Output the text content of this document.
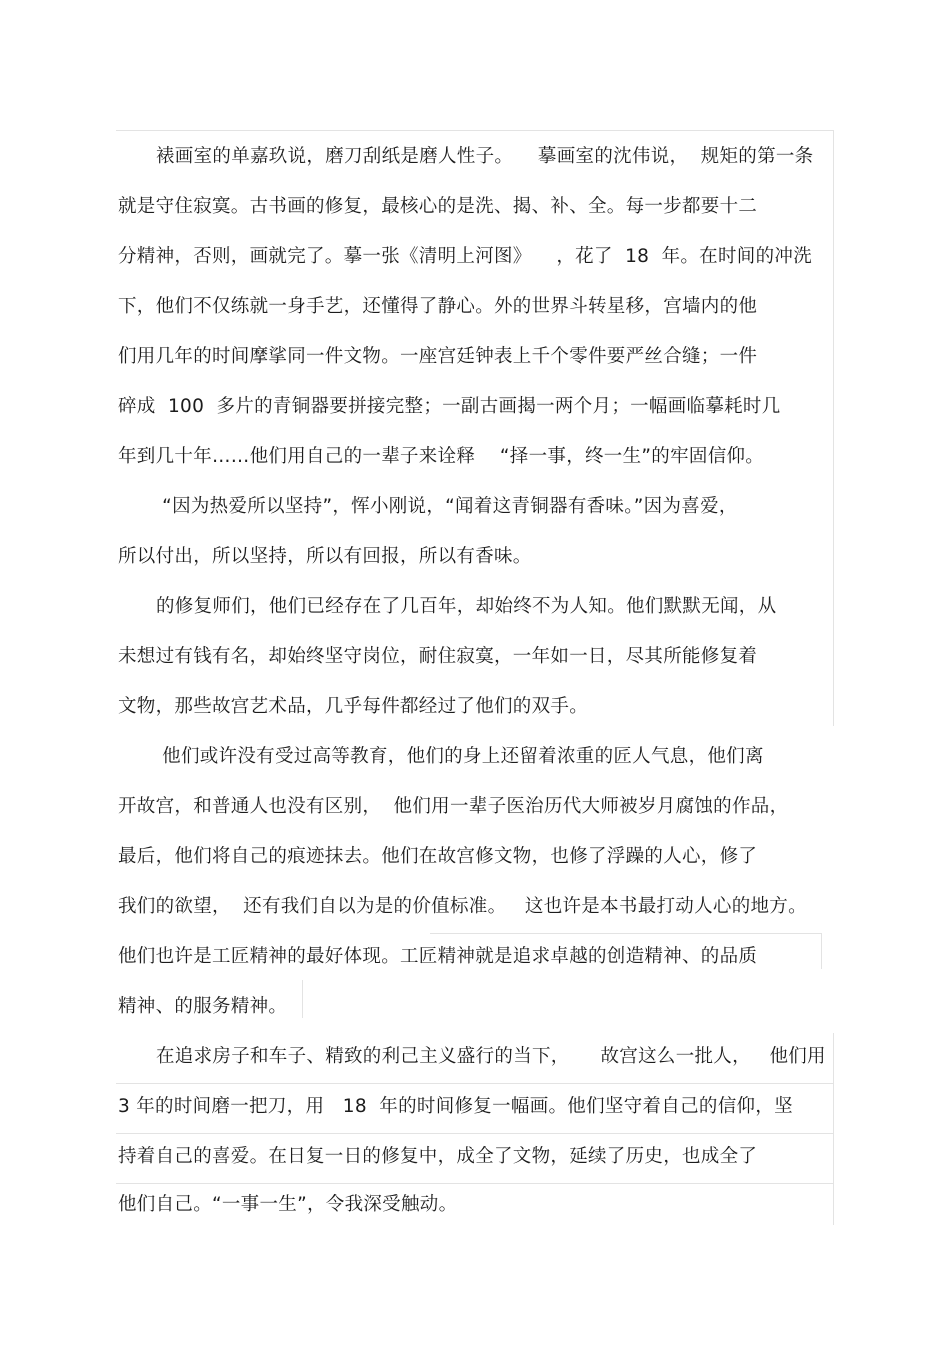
裱画室的单嘉玖说，磨刀刮纸是磨人性子。    摹画室的沈伟说，  规矩的第一条
就是守住寂寞。古书画的修复，最核心的是洗、揭、补、全。每一步都要十二
分精神，否则，画就完了。摹一张《清明上河图》    ，花了  18  年。在时间的冲洗
下，他们不仅练就一身手艺，还懂得了静心。外的世界斗转星移，宫墙内的他
们用几年的时间摩挲同一件文物。一座宫廷钟表上千个零件要严丝合缝；一件
碎成  100  多片的青铜器要拼接完整；一副古画揭一两个月；一幅画临摹耗时几
年到几十年……他们用自己的一辈子来诠释    “择一事，终一生”的牢固信仰。
“因为热爱所以坚持”，恽小刚说，“闻着这青铜器有香味。”因为喜爱，
所以付出，所以坚持，所以有回报，所以有香味。
的修复师们，他们已经存在了几百年，却始终不为人知。他们默默无闻，从
未想过有钱有名，却始终坚守岗位，耐住寂寞，一年如一日，尽其所能修复着
文物，那些故宫艺术品，几乎每件都经过了他们的双手。
他们或许没有受过高等教育，他们的身上还留着浓重的匠人气息，他们离
开故宫，和普通人也没有区别，  他们用一辈子医治历代大师被岁月腐蚀的作品，
最后，他们将自己的痕迹抹去。他们在故宫修文物，也修了浮躁的人心，修了
我们的欲望，  还有我们自以为是的价值标准。   这也许是本书最打动人心的地方。
他们也许是工匠精神的最好体现。工匠精神就是追求卓越的创造精神、的品质
精神、的服务精神。
在追求房子和车子、精致的利己主义盛行的当下，     故宫这么一批人，   他们用
3 年的时间磨一把刀，用   18  年的时间修复一幅画。他们坚守着自己的信仰，坚
持着自己的喜爱。在日复一日的修复中，成全了文物，延续了历史，也成全了
他们自己。“一事一生”，令我深受触动。
